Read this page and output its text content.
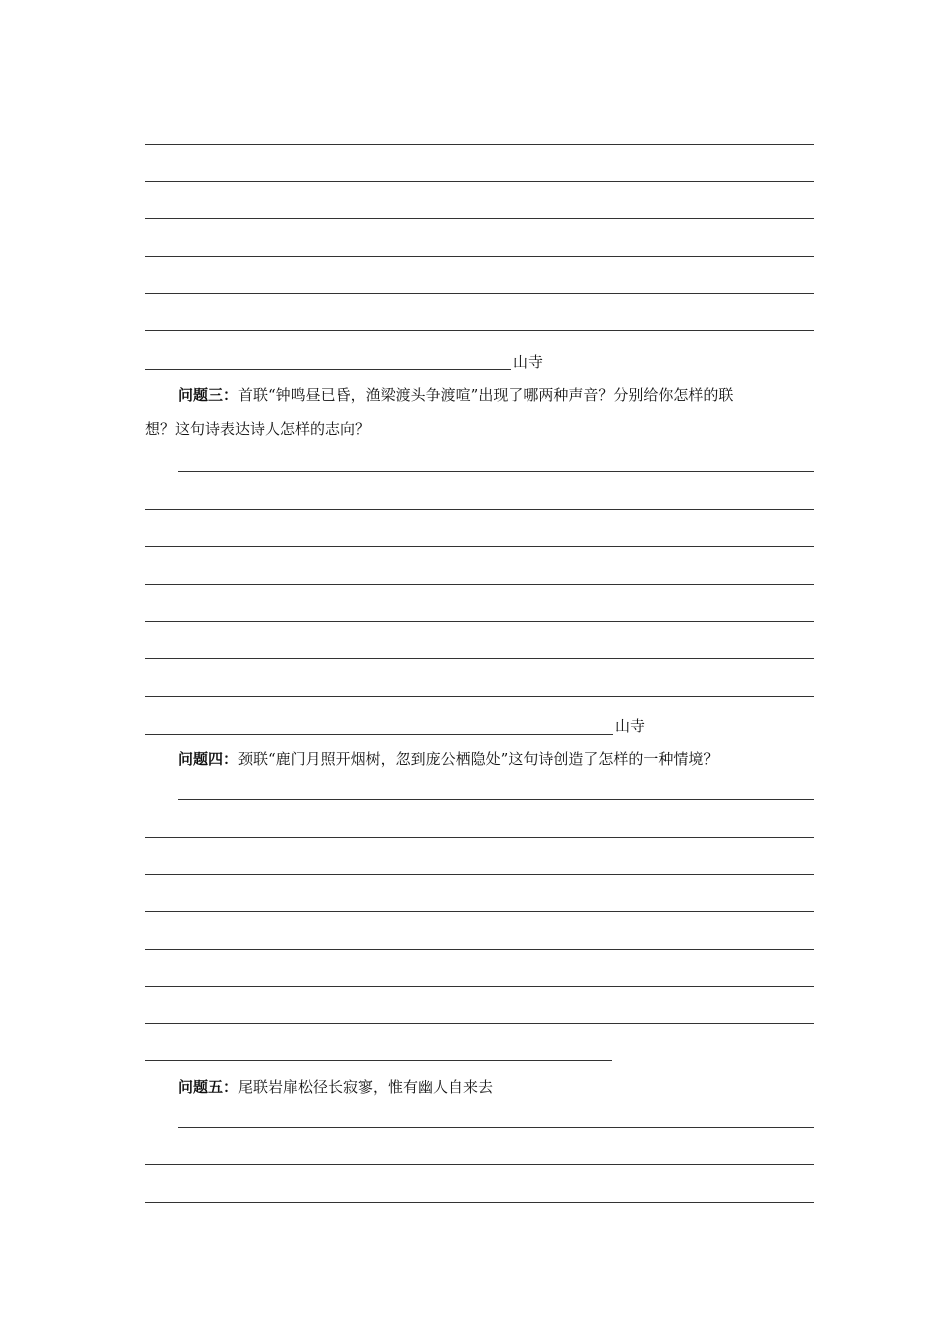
山寺
问题三：首联“钟鸣昼已昏，渔梁渡头争渡喧”出现了哪两种声音？分别给你怎样的联
想？这句诗表达诗人怎样的志向？
山寺
问题四：颈联“鹿门月照开烟树，忽到庞公栖隐处”这句诗创造了怎样的一种情境？
问题五：尾联岩扉松径长寂寥，惟有幽人自来去
